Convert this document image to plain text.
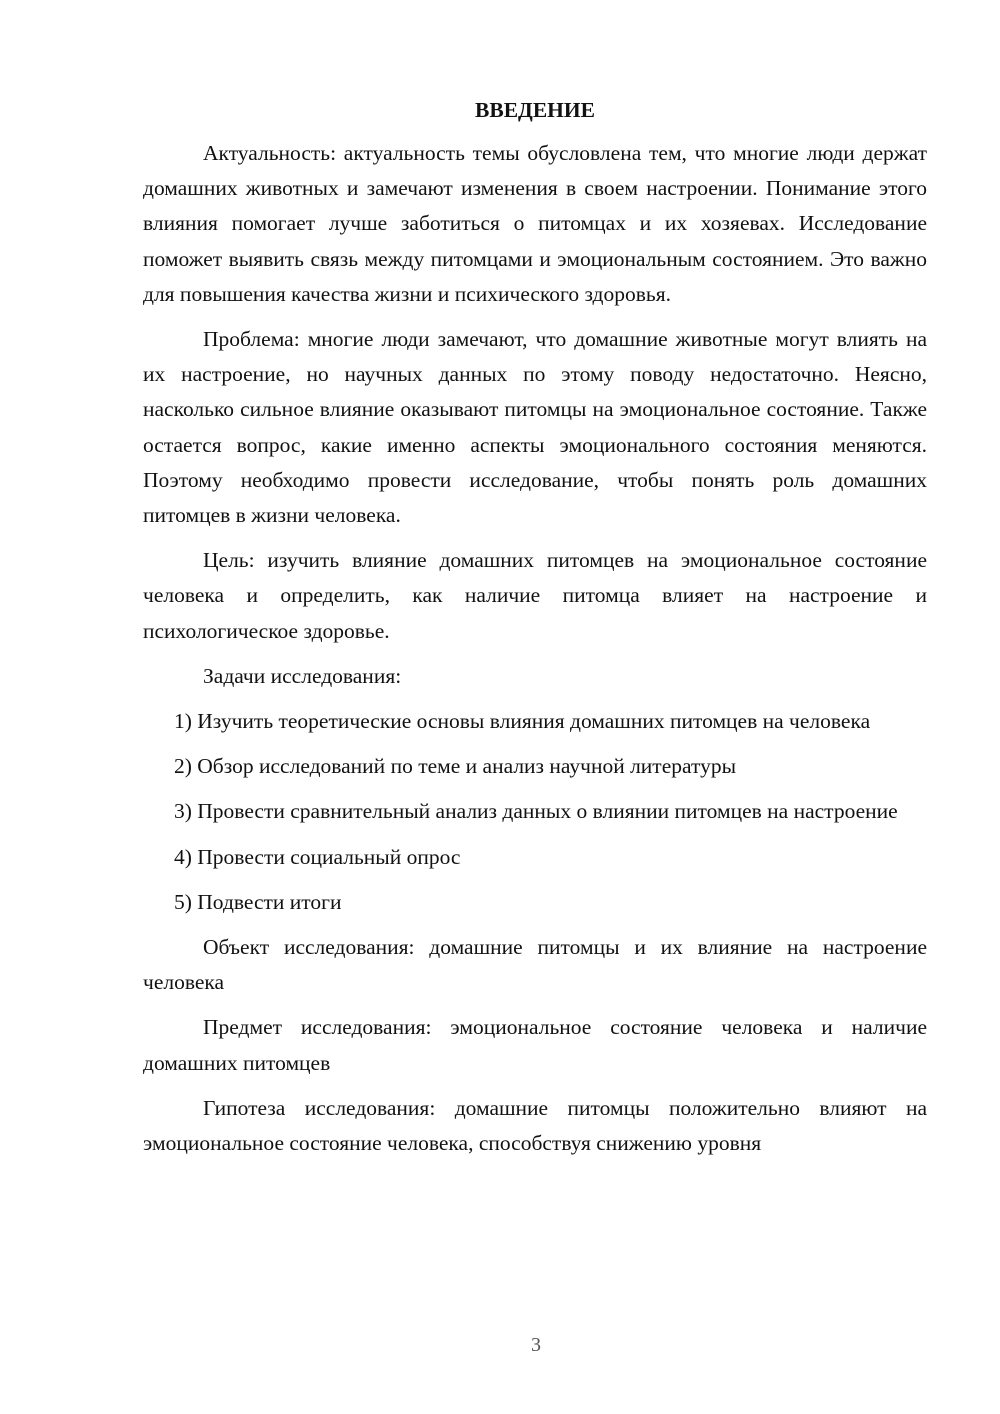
ВВЕДЕНИЕ

Актуальность: актуальность темы обусловлена тем, что многие люди держат домашних животных и замечают изменения в своем настроении. Понимание этого влияния помогает лучше заботиться о питомцах и их хозяевах. Исследование поможет выявить связь между питомцами и эмоциональным состоянием. Это важно для повышения качества жизни и психического здоровья.

Проблема: многие люди замечают, что домашние животные могут влиять на их настроение, но научных данных по этому поводу недостаточно. Неясно, насколько сильное влияние оказывают питомцы на эмоциональное состояние. Также остается вопрос, какие именно аспекты эмоционального состояния меняются. Поэтому необходимо провести исследование, чтобы понять роль домашних питомцев в жизни человека.

Цель: изучить влияние домашних питомцев на эмоциональное состояние человека и определить, как наличие питомца влияет на настроение и психологическое здоровье.

Задачи исследования:

1) Изучить теоретические основы влияния домашних питомцев на человека

2) Обзор исследований по теме и анализ научной литературы

3) Провести сравнительный анализ данных о влиянии питомцев на настроение

4) Провести социальный опрос

5) Подвести итоги

Объект исследования: домашние питомцы и их влияние на настроение человека

Предмет исследования: эмоциональное состояние человека и наличие домашних питомцев

Гипотеза исследования: домашние питомцы положительно влияют на эмоциональное состояние человека, способствуя снижению уровня

3
